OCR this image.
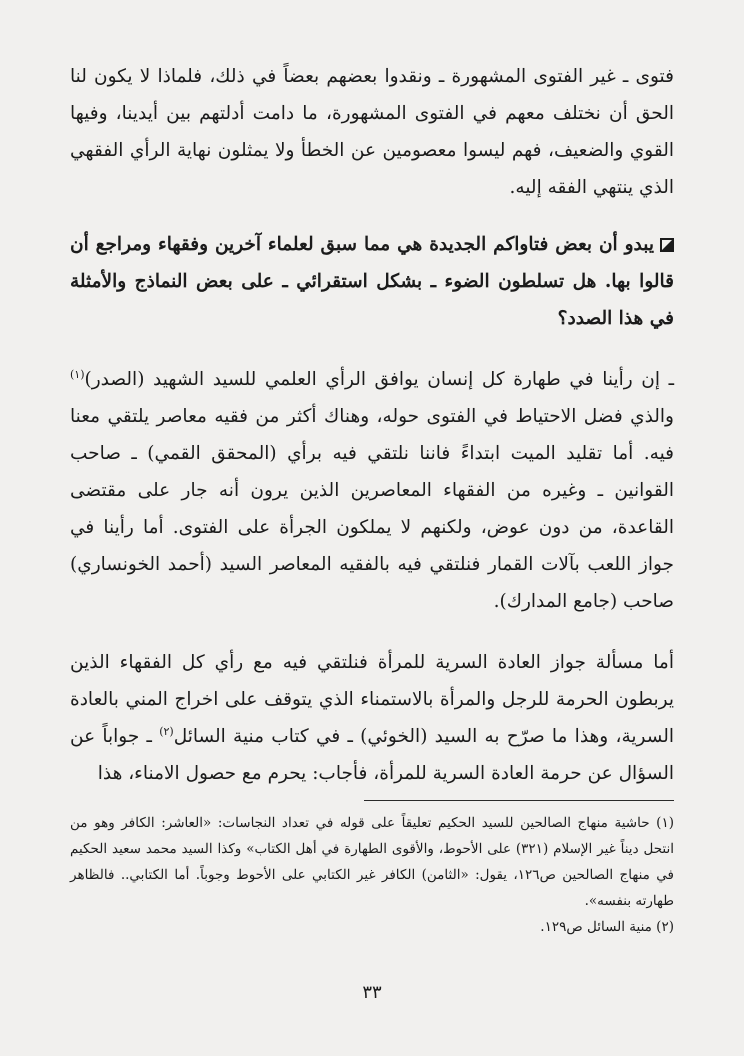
فتوى ـ غير الفتوى المشهورة ـ ونقدوا بعضهم بعضاً في ذلك، فلماذا لا يكون لنا الحق أن نختلف معهم في الفتوى المشهورة، ما دامت أدلتهم بين أيدينا، وفيها القوي والضعيف، فهم ليسوا معصومين عن الخطأ ولا يمثلون نهاية الرأي الفقهي الذي ينتهي الفقه إليه.

يبدو أن بعض فتاواكم الجديدة هي مما سبق لعلماء آخرين وفقهاء ومراجع أن قالوا بها. هل تسلطون الضوء ـ بشكل استقرائي ـ على بعض النماذج والأمثلة في هذا الصدد؟

ـ إن رأينا في طهارة كل إنسان يوافق الرأي العلمي للسيد الشهيد (الصدر)$^{(١)}$ والذي فضل الاحتياط في الفتوى حوله، وهناك أكثر من فقيه معاصر يلتقي معنا فيه. أما تقليد الميت ابتداءً فاننا نلتقي فيه برأي (المحقق القمي) ـ صاحب القوانين ـ وغيره من الفقهاء المعاصرين الذين يرون أنه جار على مقتضى القاعدة، من دون عوض، ولكنهم لا يملكون الجرأة على الفتوى. أما رأينا في جواز اللعب بآلات القمار فنلتقي فيه بالفقيه المعاصر السيد (أحمد الخونساري) صاحب (جامع المدارك).

أما مسألة جواز العادة السرية للمرأة فنلتقي فيه مع رأي كل الفقهاء الذين يربطون الحرمة للرجل والمرأة بالاستمناء الذي يتوقف على اخراج المني بالعادة السرية، وهذا ما صرّح به السيد (الخوئي) ـ في كتاب منية السائل$^{(٢)}$ ـ جواباً عن السؤال عن حرمة العادة السرية للمرأة، فأجاب: يحرم مع حصول الامناء، هذا

(١) حاشية منهاج الصالحين للسيد الحكيم تعليقاً على قوله في تعداد النجاسات: «العاشر: الكافر وهو من انتحل ديناً غير الإسلام (٣٢١) على الأحوط، والأقوى الطهارة في أهل الكتاب» وكذا السيد محمد سعيد الحكيم في منهاج الصالحين ص١٢٦، يقول: «الثامن) الكافر غير الكتابي على الأحوط وجوباً. أما الكتابي.. فالظاهر طهارته بنفسه».

(٢) منية السائل ص١٢٩.

٣٣
